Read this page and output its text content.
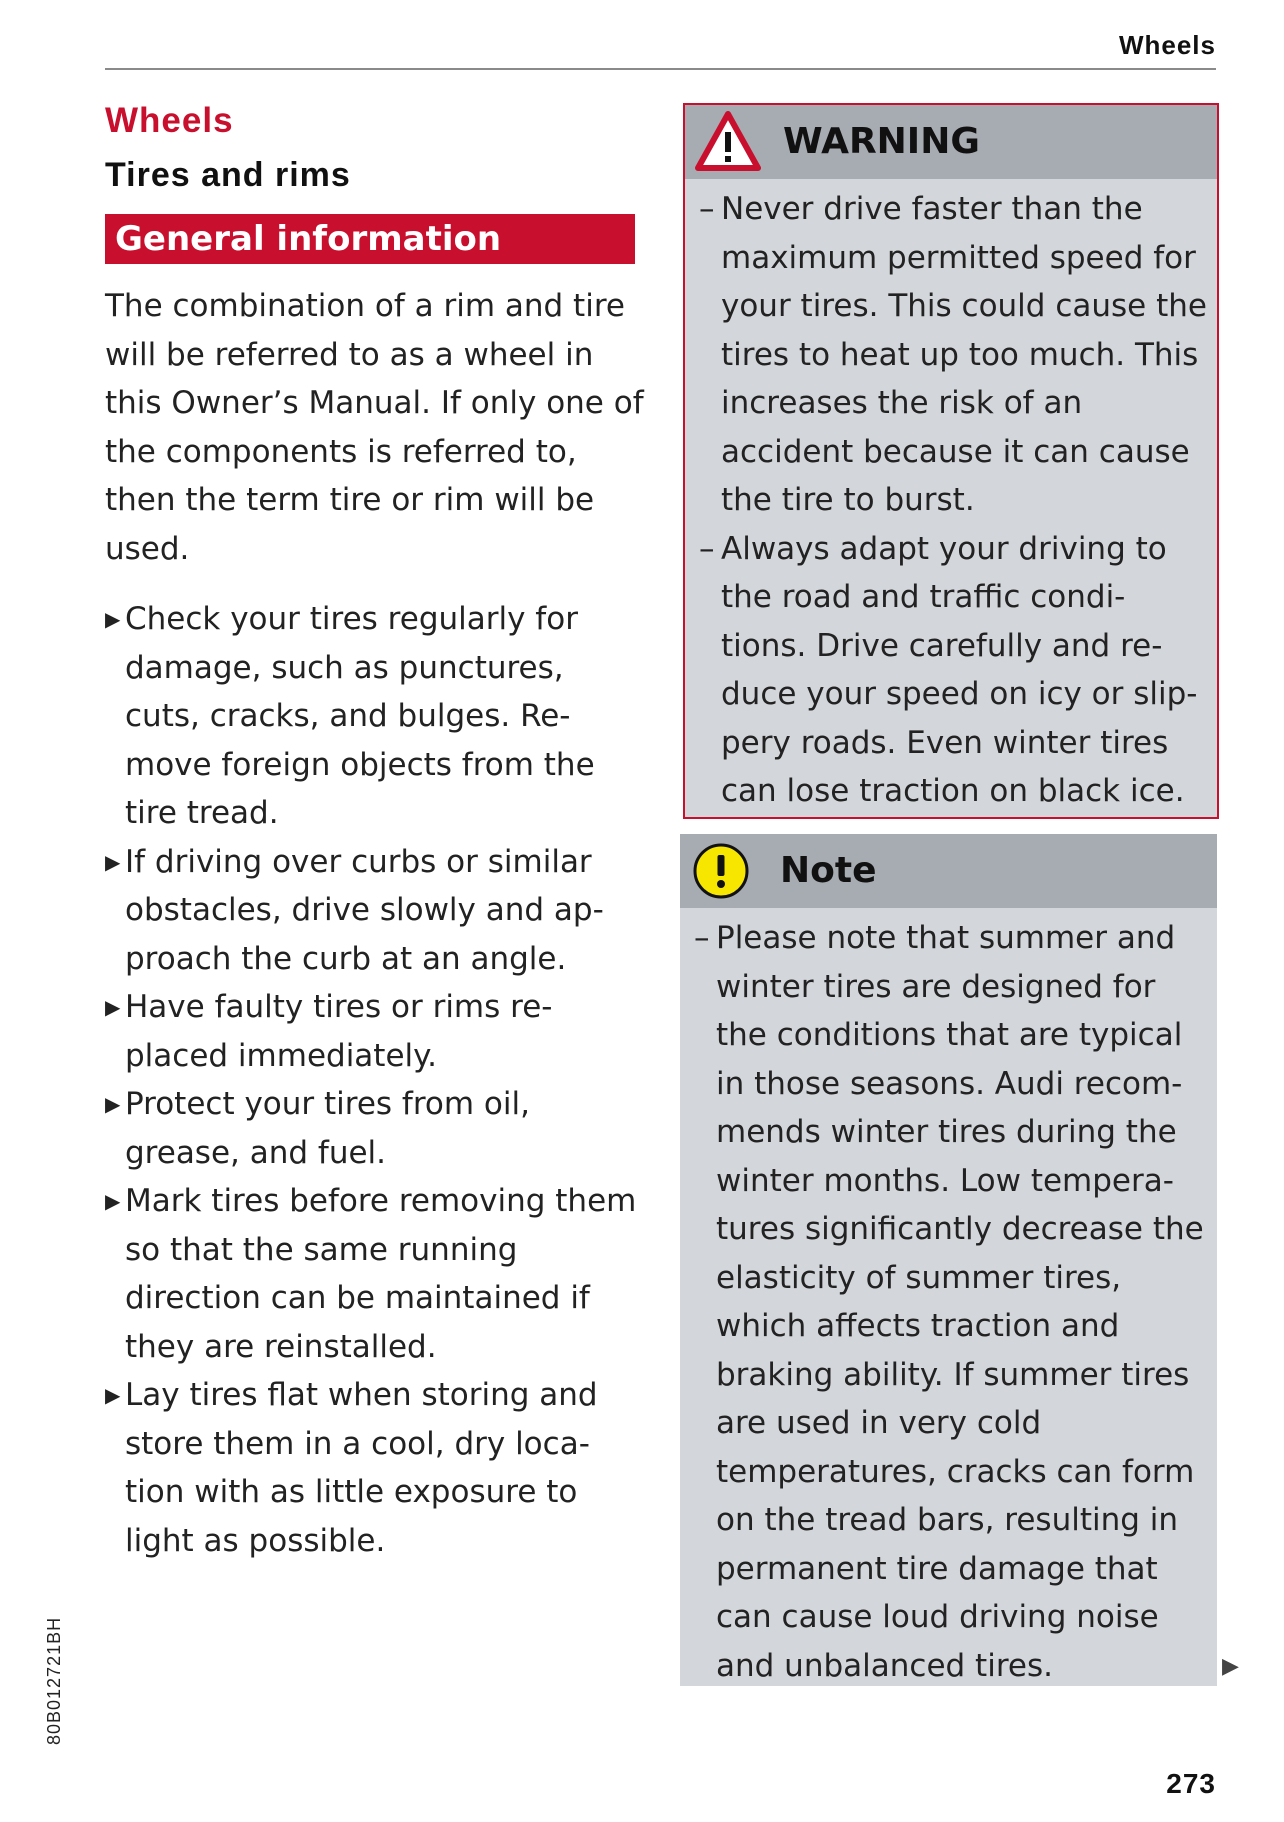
Wheels
Wheels
Tires and rims
General information

The combination of a rim and tire will be referred to as a wheel in this Owner’s Manual. If only one of the components is referred to, then the term tire or rim will be used.

▶ Check your tires regularly for damage, such as punctures, cuts, cracks, and bulges. Re-move foreign objects from the tire tread.
▶ If driving over curbs or similar obstacles, drive slowly and ap-proach the curb at an angle.
▶ Have faulty tires or rims re-placed immediately.
▶ Protect your tires from oil, grease, and fuel.
▶ Mark tires before removing them so that the same running direction can be maintained if they are reinstalled.
▶ Lay tires flat when storing and store them in a cool, dry loca-tion with as little exposure to light as possible.
WARNING
– Never drive faster than the maximum permitted speed for your tires. This could cause the tires to heat up too much. This increases the risk of an accident because it can cause the tire to burst.
– Always adapt your driving to the road and traffic condi-tions. Drive carefully and re-duce your speed on icy or slip-pery roads. Even winter tires can lose traction on black ice.
Note
– Please note that summer and winter tires are designed for the conditions that are typical in those seasons. Audi recom-mends winter tires during the winter months. Low tempera-tures significantly decrease the elasticity of summer tires, which affects traction and braking ability. If summer tires are used in very cold temperatures, cracks can form on the tread bars, resulting in permanent tire damage that can cause loud driving noise and unbalanced tires.	▶
80B012721BH
273
